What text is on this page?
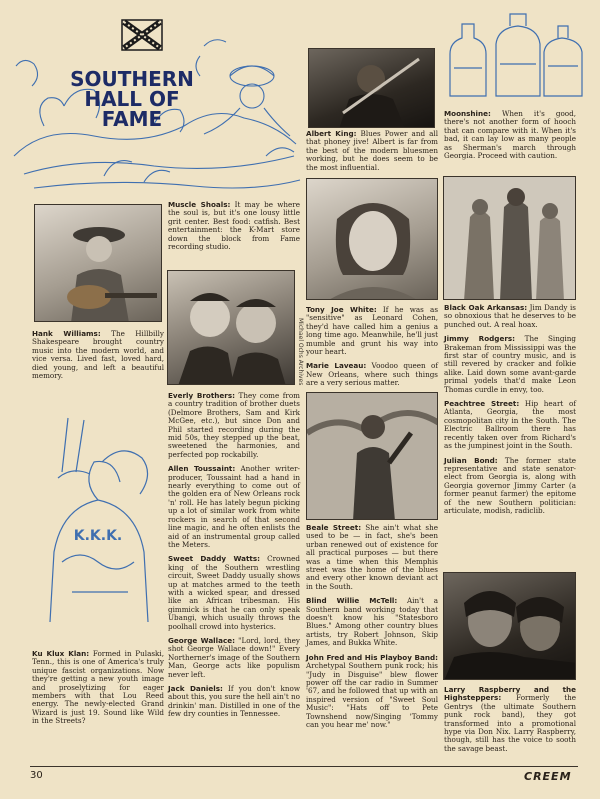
SOUTHERN
HALL OF
FAME

Hank Williams: The Hillbilly Shakespeare brought country music into the modern world, and vice versa. Lived fast, loved hard, died young, and left a beautiful memory.

K.K.K.

Ku Klux Klan: Formed in Pulaski, Tenn., this is one of America's truly unique fascist organizations. Now they're getting a new youth image and proselytizing for eager members with that Lou Reed energy. The newly-elected Grand Wizard is just 19. Sound like Wild in the Streets?

Muscle Shoals: It may be where the soul is, but it's one lousy little grit center. Best food: catfish. Best entertainment: the K-Mart store down the block from Fame recording studio.

Michael Ochs Archives

Everly Brothers: They come from a country tradition of brother duets (Delmore Brothers, Sam and Kirk McGee, etc.), but since Don and Phil started recording during the mid 50s, they stepped up the beat, sweetened the harmonies, and perfected pop rockabilly.

Allen Toussaint: Another writer-producer, Toussaint had a hand in nearly everything to come out of the golden era of New Orleans rock 'n' roll. He has lately begun picking up a lot of similar work from white rockers in search of that second line magic, and he often enlists the aid of an instrumental group called the Meters.

Sweet Daddy Watts: Crowned king of the Southern wrestling circuit, Sweet Daddy usually shows up at matches armed to the teeth with a wicked spear, and dressed like an African tribesman. His gimmick is that he can only speak Ubangi, which usually throws the poolhall crowd into hysterics.

George Wallace: "Lord, lord, they shot George Wallace down!" Every Northerner's image of the Southern Man, George acts like populism never left.

Jack Daniels: If you don't know about this, you sure the hell ain't no drinkin' man. Distilled in one of the few dry counties in Tennessee.

Albert King: Blues Power and all that phoney jive! Albert is far from the best of the modern bluesmen working, but he does seem to be the most influential.

Tony Joe White: If he was as "sensitive" as Leonard Cohen, they'd have called him a genius a long time ago. Meanwhile, he'll just mumble and grunt his way into your heart.

Marie Laveau: Voodoo queen of New Orleans, where such things are a very serious matter.

Beale Street: She ain't what she used to be — in fact, she's been urban renewed out of existence for all practical purposes — but there was a time when this Memphis street was the home of the blues and every other known deviant act in the South.

Blind Willie McTell: Ain't a Southern band working today that doesn't know his "Statesboro Blues." Among other country blues artists, try Robert Johnson, Skip James, and Bukka White.

John Fred and His Playboy Band: Archetypal Southern punk rock; his "Judy in Disguise" blew flower power off the car radio in Summer '67, and he followed that up with an inspired version of "Sweet Soul Music": "Hats off to Pete Townshend now/Singing 'Tommy can you hear me' now."

Moonshine: When it's good, there's not another form of hooch that can compare with it. When it's bad, it can lay low as many people as Sherman's march through Georgia. Proceed with caution.

Black Oak Arkansas: Jim Dandy is so obnoxious that he deserves to be punched out. A real hoax.

Jimmy Rodgers: The Singing Brakeman from Mississippi was the first star of country music, and is still revered by cracker and folkie alike. Laid down some avant-garde primal yodels that'd make Leon Thomas curdle in envy, too.

Peachtree Street: Hip heart of Atlanta, Georgia, the most cosmopolitan city in the South. The Electric Ballroom there has recently taken over from Richard's as the jumpinest joint in the South.

Julian Bond: The former state representative and state senator-elect from Georgia is, along with Georgia governor Jimmy Carter (a former peanut farmer) the epitome of the new Southern politician: articulate, modish, radiclib.

Larry Raspberry and the Highsteppers: Formerly the Gentrys (the ultimate Southern punk rock band), they got transformed into a promotional hype via Don Nix. Larry Raspberry, though, still has the voice to sooth the savage beast.

30	CREEM
